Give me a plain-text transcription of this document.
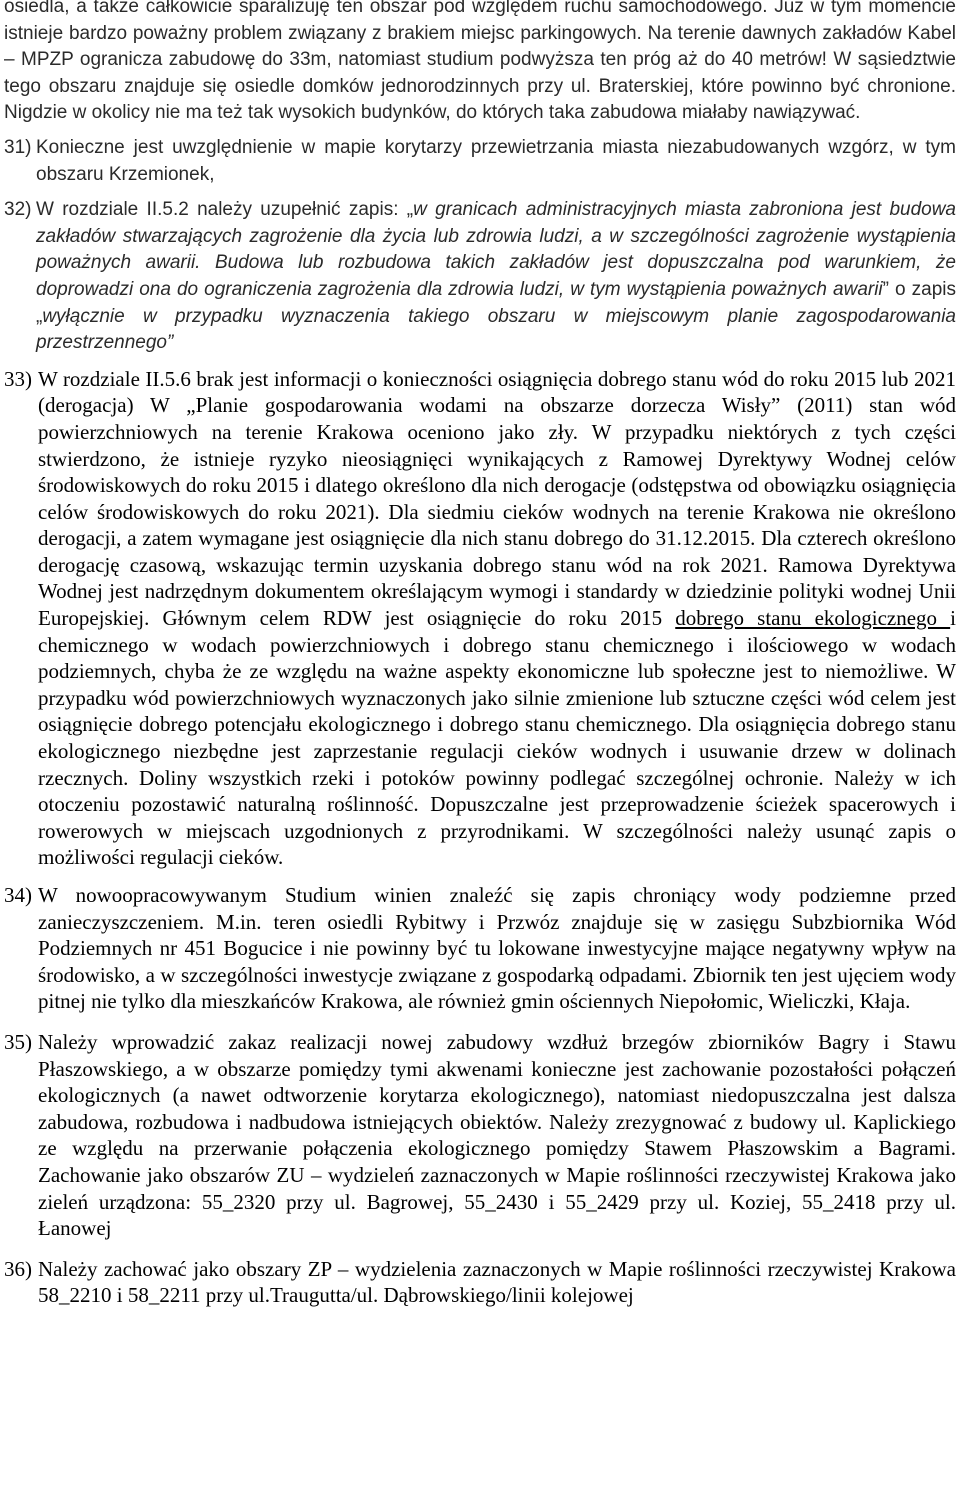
osiedla, a także całkowicie sparaliżuję ten obszar pod względem ruchu samochodowego. Już w tym momencie istnieje bardzo poważny problem związany z brakiem miejsc parkingowych. Na terenie dawnych zakładów Kabel – MPZP ogranicza zabudowę do 33m, natomiast studium podwyższa ten próg aż do 40 metrów! W sąsiedztwie tego obszaru znajduje się osiedle domków jednorodzinnych przy ul. Braterskiej, które powinno być chronione. Nigdzie w okolicy nie ma też tak wysokich budynków, do których taka zabudowa miałaby nawiązywać.

31) Konieczne jest uwzględnienie w mapie korytarzy przewietrzania miasta niezabudowanych wzgórz, w tym obszaru Krzemionek,
32) W rozdziale II.5.2 należy uzupełnić zapis: „w granicach administracyjnych miasta zabroniona jest budowa zakładów stwarzających zagrożenie dla życia lub zdrowia ludzi, a w szczególności zagrożenie wystąpienia poważnych awarii. Budowa lub rozbudowa takich zakładów jest dopuszczalna pod warunkiem, że doprowadzi ona do ograniczenia zagrożenia dla zdrowia ludzi, w tym wystąpienia poważnych awarii” o zapis „wyłącznie w przypadku wyznaczenia takiego obszaru w miejscowym planie zagospodarowania przestrzennego”
33) W rozdziale II.5.6 brak jest informacji o konieczności osiągnięcia dobrego stanu wód do roku 2015 lub 2021 (derogacja) W „Planie gospodarowania wodami na obszarze dorzecza Wisły” (2011) stan wód powierzchniowych na terenie Krakowa oceniono jako zły. W przypadku niektórych z tych części stwierdzono, że istnieje ryzyko nieosiągnięci wynikających z Ramowej Dyrektywy Wodnej celów środowiskowych do roku 2015 i dlatego określono dla nich derogacje (odstępstwa od obowiązku osiągnięcia celów środowiskowych do roku 2021). Dla siedmiu cieków wodnych na terenie Krakowa nie określono derogacji, a zatem wymagane jest osiągnięcie dla nich stanu dobrego do 31.12.2015. Dla czterech określono derogację czasową, wskazując termin uzyskania dobrego stanu wód na rok 2021. Ramowa Dyrektywa Wodnej jest nadrzędnym dokumentem określającym wymogi i standardy w dziedzinie polityki wodnej Unii Europejskiej. Głównym celem RDW jest osiągnięcie do roku 2015 dobrego stanu ekologicznego i chemicznego w wodach powierzchniowych i dobrego stanu chemicznego i ilościowego w wodach podziemnych, chyba że ze względu na ważne aspekty ekonomiczne lub społeczne jest to niemożliwe. W przypadku wód powierzchniowych wyznaczonych jako silnie zmienione lub sztuczne części wód celem jest osiągnięcie dobrego potencjału ekologicznego i dobrego stanu chemicznego. Dla osiągnięcia dobrego stanu ekologicznego niezbędne jest zaprzestanie regulacji cieków wodnych i usuwanie drzew w dolinach rzecznych. Doliny wszystkich rzeki i potoków powinny podlegać szczególnej ochronie. Należy w ich otoczeniu pozostawić naturalną roślinność. Dopuszczalne jest przeprowadzenie ścieżek spacerowych i rowerowych w miejscach uzgodnionych z przyrodnikami. W szczególności należy usunąć zapis o możliwości regulacji cieków.
34) W nowoopracowywanym Studium winien znaleźć się zapis chroniący wody podziemne przed zanieczyszczeniem. M.in. teren osiedli Rybitwy i Przwóz znajduje się w zasięgu Subzbiornika Wód Podziemnych nr 451 Bogucice i nie powinny być tu lokowane inwestycyjne mające negatywny wpływ na środowisko, a w szczególności inwestycje związane z gospodarką odpadami. Zbiornik ten jest ujęciem wody pitnej nie tylko dla mieszkańców Krakowa, ale również gmin ościennych Niepołomic, Wieliczki, Kłaja.
35) Należy wprowadzić zakaz realizacji nowej zabudowy wzdłuż brzegów zbiorników Bagry i Stawu Płaszowskiego, a w obszarze pomiędzy tymi akwenami konieczne jest zachowanie pozostałości połączeń ekologicznych (a nawet odtworzenie korytarza ekologicznego), natomiast niedopuszczalna jest dalsza zabudowa, rozbudowa i nadbudowa istniejących obiektów. Należy zrezygnować z budowy ul. Kaplickiego ze względu na przerwanie połączenia ekologicznego pomiędzy Stawem Płaszowskim a Bagrami. Zachowanie jako obszarów ZU – wydzieleń zaznaczonych w Mapie roślinności rzeczywistej Krakowa jako zieleń urządzona: 55_2320 przy ul. Bagrowej, 55_2430 i 55_2429 przy ul. Koziej, 55_2418 przy ul. Łanowej
36) Należy zachować jako obszary ZP – wydzielenia zaznaczonych w Mapie roślinności rzeczywistej Krakowa 58_2210 i 58_2211 przy ul.Traugutta/ul. Dąbrowskiego/linii kolejowej
